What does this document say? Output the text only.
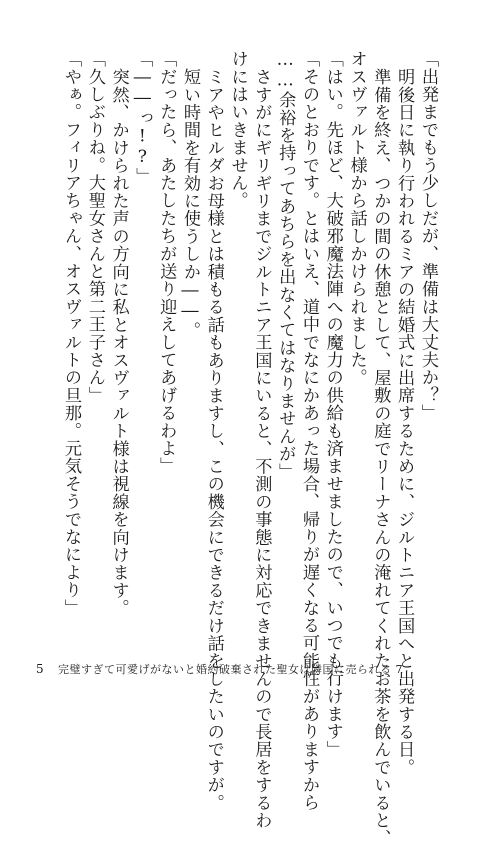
「出発までもう少しだが、準備は大丈夫か？」
明後日に執り行われるミアの結婚式に出席するために、ジルトニア王国へと出発する日。
準備を終え、つかの間の休憩として、屋敷の庭でリーナさんの淹れてくれたお茶を飲んでいると、
オスヴァルト様から話しかけられました。
「はい。先ほど、大破邪魔法陣への魔力の供給も済ませましたので、いつでも行けます」
「そのとおりです。とはいえ、道中でなにかあった場合、帰りが遅くなる可能性がありますから
……余裕を持ってあちらを出なくてはなりませんが」
さすがにギリギリまでジルトニア王国にいると、不測の事態に対応できませんので長居をするわ
けにはいきません。
ミアやヒルダお母様とは積もる話もありますし、この機会にできるだけ話をしたいのですが。
短い時間を有効に使うしか――。
「だったら、あたしたちが送り迎えしてあげるわよ」
「――っ!?」
突然、かけられた声の方向に私とオスヴァルト様は視線を向けます。
「久しぶりね。大聖女さんと第二王子さん」
「やぁ。フィリアちゃん、オスヴァルトの旦那。元気そうでなにより」
5	完璧すぎて可愛げがないと婚約破棄された聖女は隣国に売られる 7
